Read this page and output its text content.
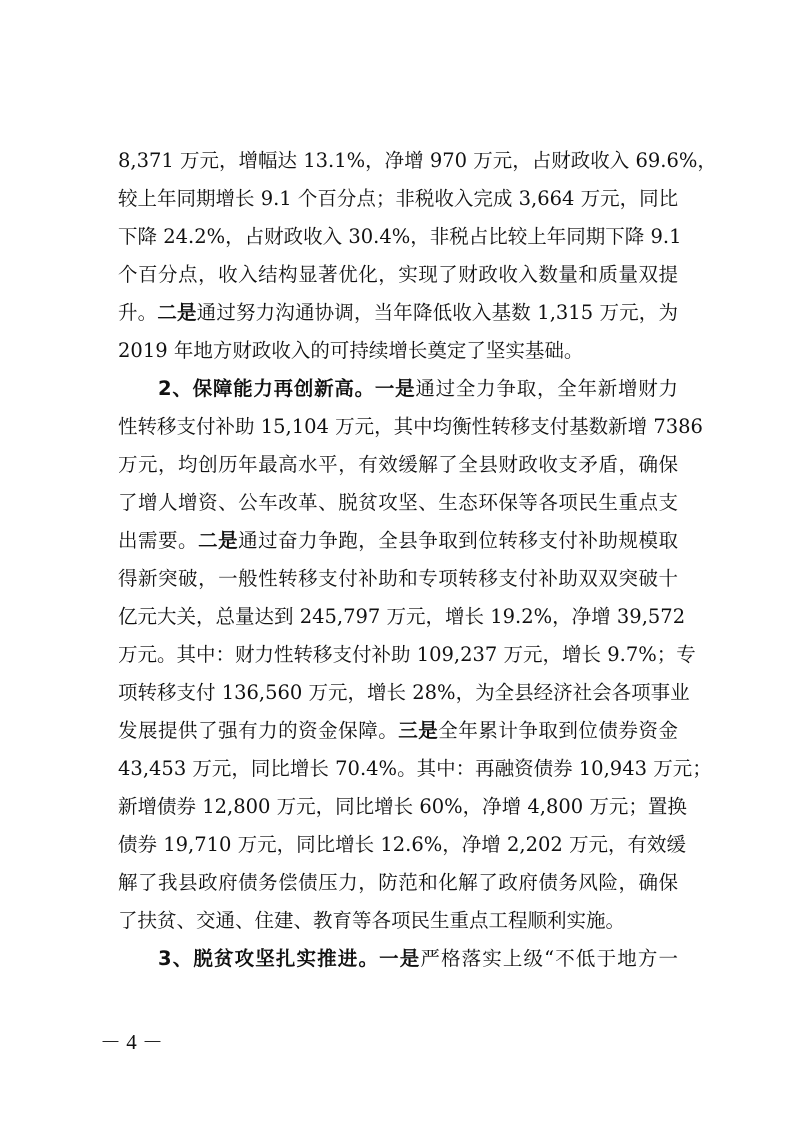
8,371 万元，增幅达 13.1%，净增 970 万元，占财政收入 69.6%，
较上年同期增长 9.1 个百分点；非税收入完成 3,664 万元，同比
下降 24.2%，占财政收入 30.4%，非税占比较上年同期下降 9.1
个百分点，收入结构显著优化，实现了财政收入数量和质量双提
升。二是通过努力沟通协调，当年降低收入基数 1,315 万元，为
2019 年地方财政收入的可持续增长奠定了坚实基础。
2、保障能力再创新高。一是通过全力争取，全年新增财力
性转移支付补助 15,104 万元，其中均衡性转移支付基数新增 7386
万元，均创历年最高水平，有效缓解了全县财政收支矛盾，确保
了增人增资、公车改革、脱贫攻坚、生态环保等各项民生重点支
出需要。二是通过奋力争跑，全县争取到位转移支付补助规模取
得新突破，一般性转移支付补助和专项转移支付补助双双突破十
亿元大关，总量达到 245,797 万元，增长 19.2%，净增 39,572
万元。其中：财力性转移支付补助 109,237 万元，增长 9.7%；专
项转移支付 136,560 万元，增长 28%，为全县经济社会各项事业
发展提供了强有力的资金保障。三是全年累计争取到位债券资金
43,453 万元，同比增长 70.4%。其中：再融资债券 10,943 万元；
新增债券 12,800 万元，同比增长 60%，净增 4,800 万元；置换
债券 19,710 万元，同比增长 12.6%，净增 2,202 万元，有效缓
解了我县政府债务偿债压力，防范和化解了政府债务风险，确保
了扶贫、交通、住建、教育等各项民生重点工程顺利实施。
3、脱贫攻坚扎实推进。一是严格落实上级“不低于地方一
－ 4 －
